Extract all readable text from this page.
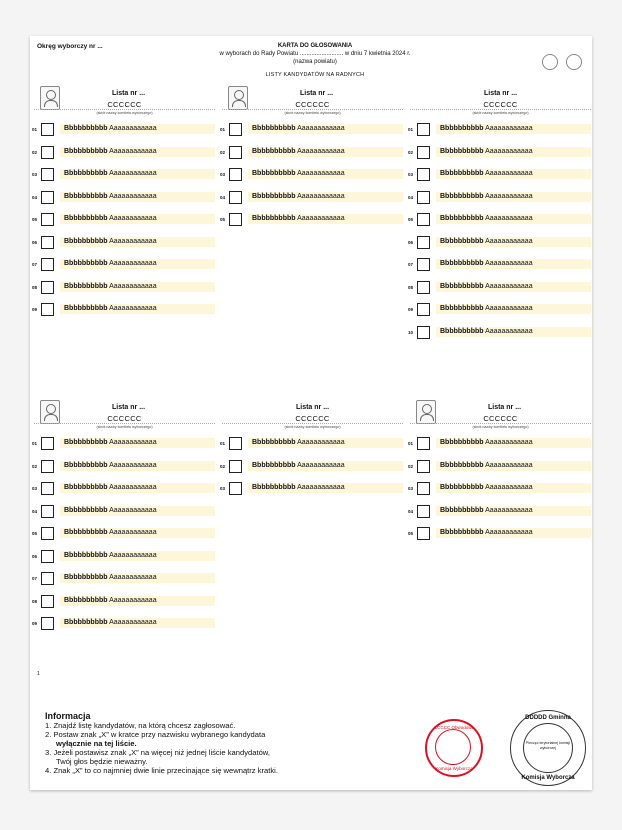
Okręg wyborczy nr ...	KARTA DO GŁOSOWANIA
w wyborach do Rady Powiatu .......................... w dniu 7 kwietnia 2024 r.
(nazwa powiatu)
LISTY KANDYDATÓW NA RADNYCH
Lista nr ...
CCCCCC
(skrót nazwy komitetu wyborczego)
01	Bbbbbbbbbb Aaaaaaaaaaaa
02	Bbbbbbbbbb Aaaaaaaaaaaa
03	Bbbbbbbbbb Aaaaaaaaaaaa
04	Bbbbbbbbbb Aaaaaaaaaaaa
05	Bbbbbbbbbb Aaaaaaaaaaaa
06	Bbbbbbbbbb Aaaaaaaaaaaa
07	Bbbbbbbbbb Aaaaaaaaaaaa
08	Bbbbbbbbbb Aaaaaaaaaaaa
09	Bbbbbbbbbb Aaaaaaaaaaaa
Lista nr ...
CCCCCC
(skrót nazwy komitetu wyborczego)
01	Bbbbbbbbbb Aaaaaaaaaaaa
02	Bbbbbbbbbb Aaaaaaaaaaaa
03	Bbbbbbbbbb Aaaaaaaaaaaa
04	Bbbbbbbbbb Aaaaaaaaaaaa
05	Bbbbbbbbbb Aaaaaaaaaaaa
Lista nr ...
CCCCCC
(skrót nazwy komitetu wyborczego)
01	Bbbbbbbbbb Aaaaaaaaaaaa
02	Bbbbbbbbbb Aaaaaaaaaaaa
03	Bbbbbbbbbb Aaaaaaaaaaaa
04	Bbbbbbbbbb Aaaaaaaaaaaa
05	Bbbbbbbbbb Aaaaaaaaaaaa
06	Bbbbbbbbbb Aaaaaaaaaaaa
07	Bbbbbbbbbb Aaaaaaaaaaaa
08	Bbbbbbbbbb Aaaaaaaaaaaa
09	Bbbbbbbbbb Aaaaaaaaaaaa
10	Bbbbbbbbbb Aaaaaaaaaaaa
Lista nr ...
CCCCCC
(skrót nazwy komitetu wyborczego)
01	Bbbbbbbbbb Aaaaaaaaaaaa
02	Bbbbbbbbbb Aaaaaaaaaaaa
03	Bbbbbbbbbb Aaaaaaaaaaaa
04	Bbbbbbbbbb Aaaaaaaaaaaa
05	Bbbbbbbbbb Aaaaaaaaaaaa
06	Bbbbbbbbbb Aaaaaaaaaaaa
07	Bbbbbbbbbb Aaaaaaaaaaaa
08	Bbbbbbbbbb Aaaaaaaaaaaa
09	Bbbbbbbbbb Aaaaaaaaaaaa
Lista nr ...
CCCCCC
(skrót nazwy komitetu wyborczego)
01	Bbbbbbbbbb Aaaaaaaaaaaa
02	Bbbbbbbbbb Aaaaaaaaaaaa
03	Bbbbbbbbbb Aaaaaaaaaaaa
Lista nr ...
CCCCCC
(skrót nazwy komitetu wyborczego)
01	Bbbbbbbbbb Aaaaaaaaaaaa
02	Bbbbbbbbbb Aaaaaaaaaaaa
03	Bbbbbbbbbb Aaaaaaaaaaaa
04	Bbbbbbbbbb Aaaaaaaaaaaa
05	Bbbbbbbbbb Aaaaaaaaaaaa
1
Informacja
1. Znajdź listę kandydatów, na którą chcesz zagłosować.
2. Postaw znak „X” w kratce przy nazwisku wybranego kandydata
wyłącznie na tej liście.
3. Jeżeli postawisz znak „X” na więcej niż jednej liście kandydatów,
Twój głos będzie nieważny.
4. Znak „X” to co najmniej dwie linie przecinające się wewnątrz kratki.
CCCCC Obwodowa
Komisja Wyborcza
DDDDD Gminna
Pieczęć terytorialnej komisji wyborczej
Komisja Wyborcza
